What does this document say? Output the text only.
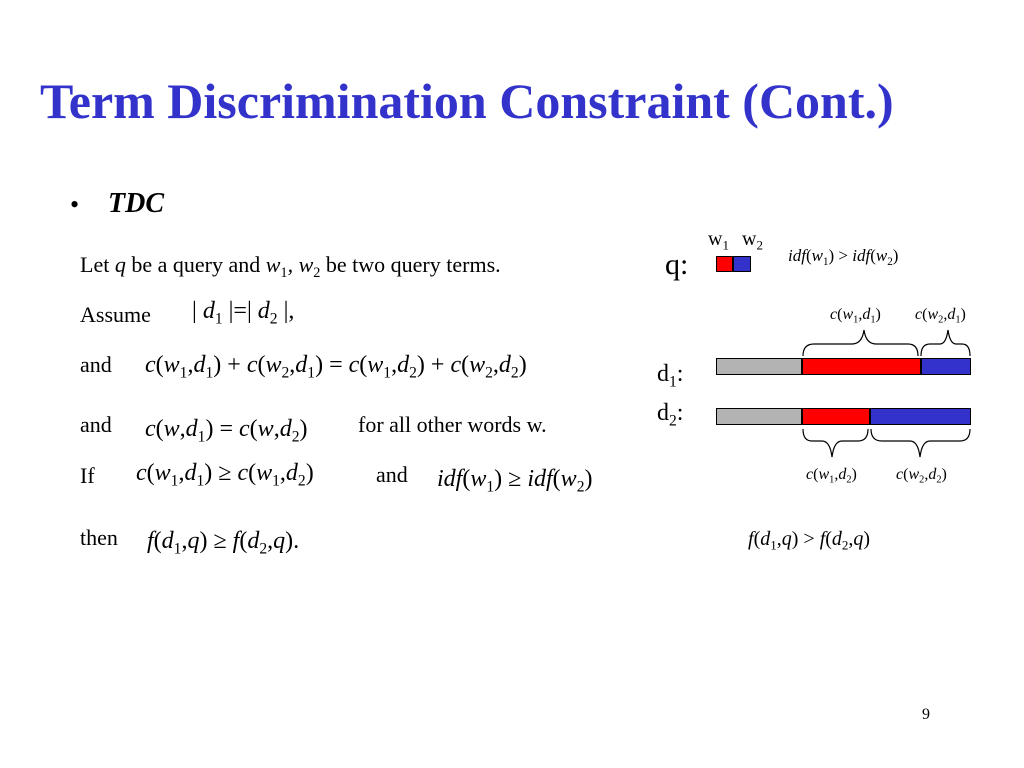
Term Discrimination Constraint (Cont.)
• TDC
Let q be a query and $w_1$, $w_2$ be two query terms.
Assume | $d_1$ |=| $d_2$ |,
and $c(w_1,d_1) + c(w_2,d_1) = c(w_1,d_2) + c(w_2,d_2)$
and $c(w,d_1) = c(w,d_2)$ for all other words w.
If $c(w_1,d_1) \ge c(w_1,d_2)$	and $idf(w_1) \ge idf(w_2)$
then $f(d_1,q) \ge f(d_2,q)$.
$w_1$ $w_2$
q:	$idf(w_1) > idf(w_2)$
$c(w_1,d_1)$ $c(w_2,d_1)$
$d_1$:
$d_2$:
$c(w_1,d_2)$ $c(w_2,d_2)$
$f(d_1,q) > f(d_2,q)$
9
